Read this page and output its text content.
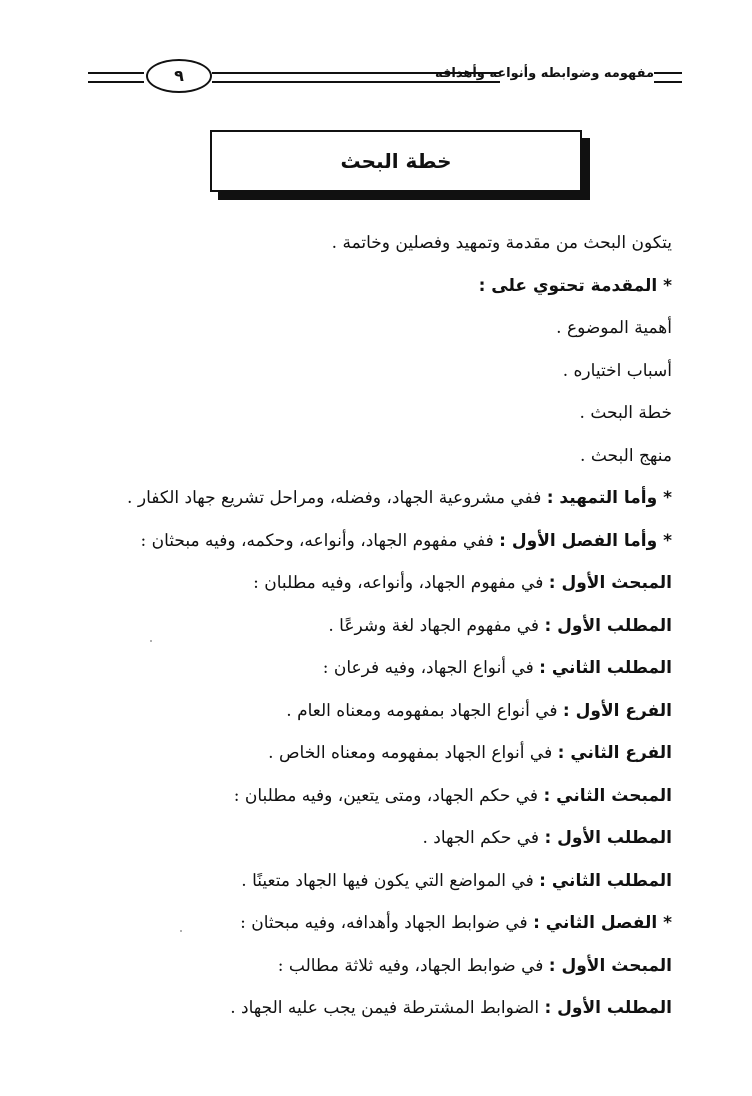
٩	مفهومه وضوابطه وأنواعه وأهدافه
خطة البحث
يتكون البحث من مقدمة وتمهيد وفصلين وخاتمة .
* المقدمة تحتوي على :
أهمية الموضوع .
أسباب اختياره .
خطة البحث .
منهج البحث .
* وأما التمهيد : ففي مشروعية الجهاد، وفضله، ومراحل تشريع جهاد الكفار .
* وأما الفصل الأول : ففي مفهوم الجهاد، وأنواعه، وحكمه، وفيه مبحثان :
المبحث الأول : في مفهوم الجهاد، وأنواعه، وفيه مطلبان :
المطلب الأول : في مفهوم الجهاد لغة وشرعًا .
المطلب الثاني : في أنواع الجهاد، وفيه فرعان :
الفرع الأول : في أنواع الجهاد بمفهومه ومعناه العام .
الفرع الثاني : في أنواع الجهاد بمفهومه ومعناه الخاص .
المبحث الثاني : في حكم الجهاد، ومتى يتعين، وفيه مطلبان :
المطلب الأول : في حكم الجهاد .
المطلب الثاني : في المواضع التي يكون فيها الجهاد متعينًا .
* الفصل الثاني : في ضوابط الجهاد وأهدافه، وفيه مبحثان :
المبحث الأول : في ضوابط الجهاد، وفيه ثلاثة مطالب :
المطلب الأول : الضوابط المشترطة فيمن يجب عليه الجهاد .
